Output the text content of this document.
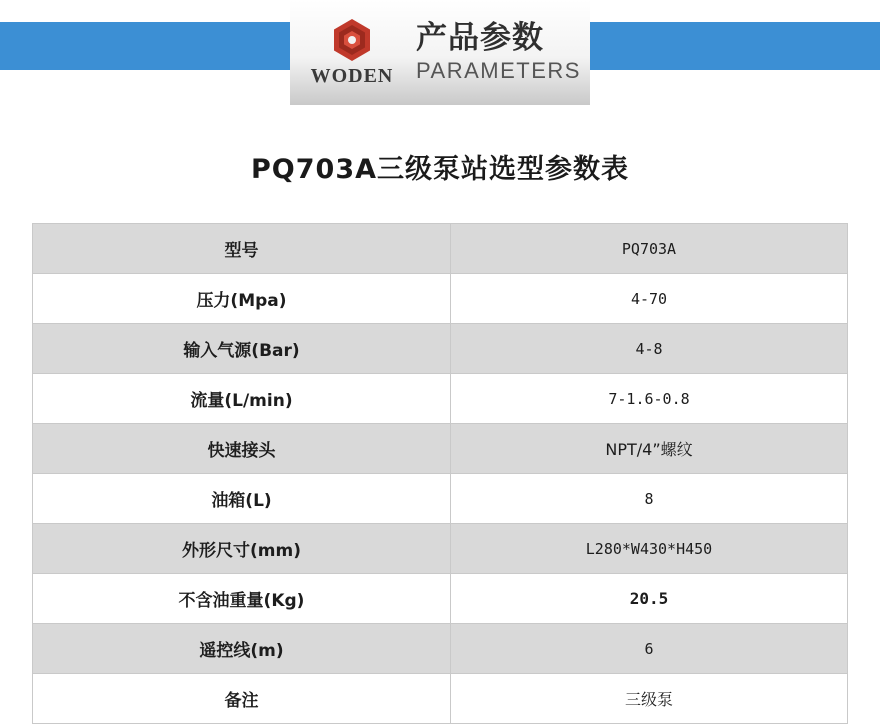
WODEN
产品参数
PARAMETERS
PQ703A三级泵站选型参数表
型号	PQ703A
压力(Mpa)	4-70
输入气源(Bar)	4-8
流量(L/min)	7-1.6-0.8
快速接头	NPT/4”螺纹
油箱(L)	8
外形尺寸(mm)	L280*W430*H450
不含油重量(Kg)	20.5
遥控线(m)	6
备注	三级泵
